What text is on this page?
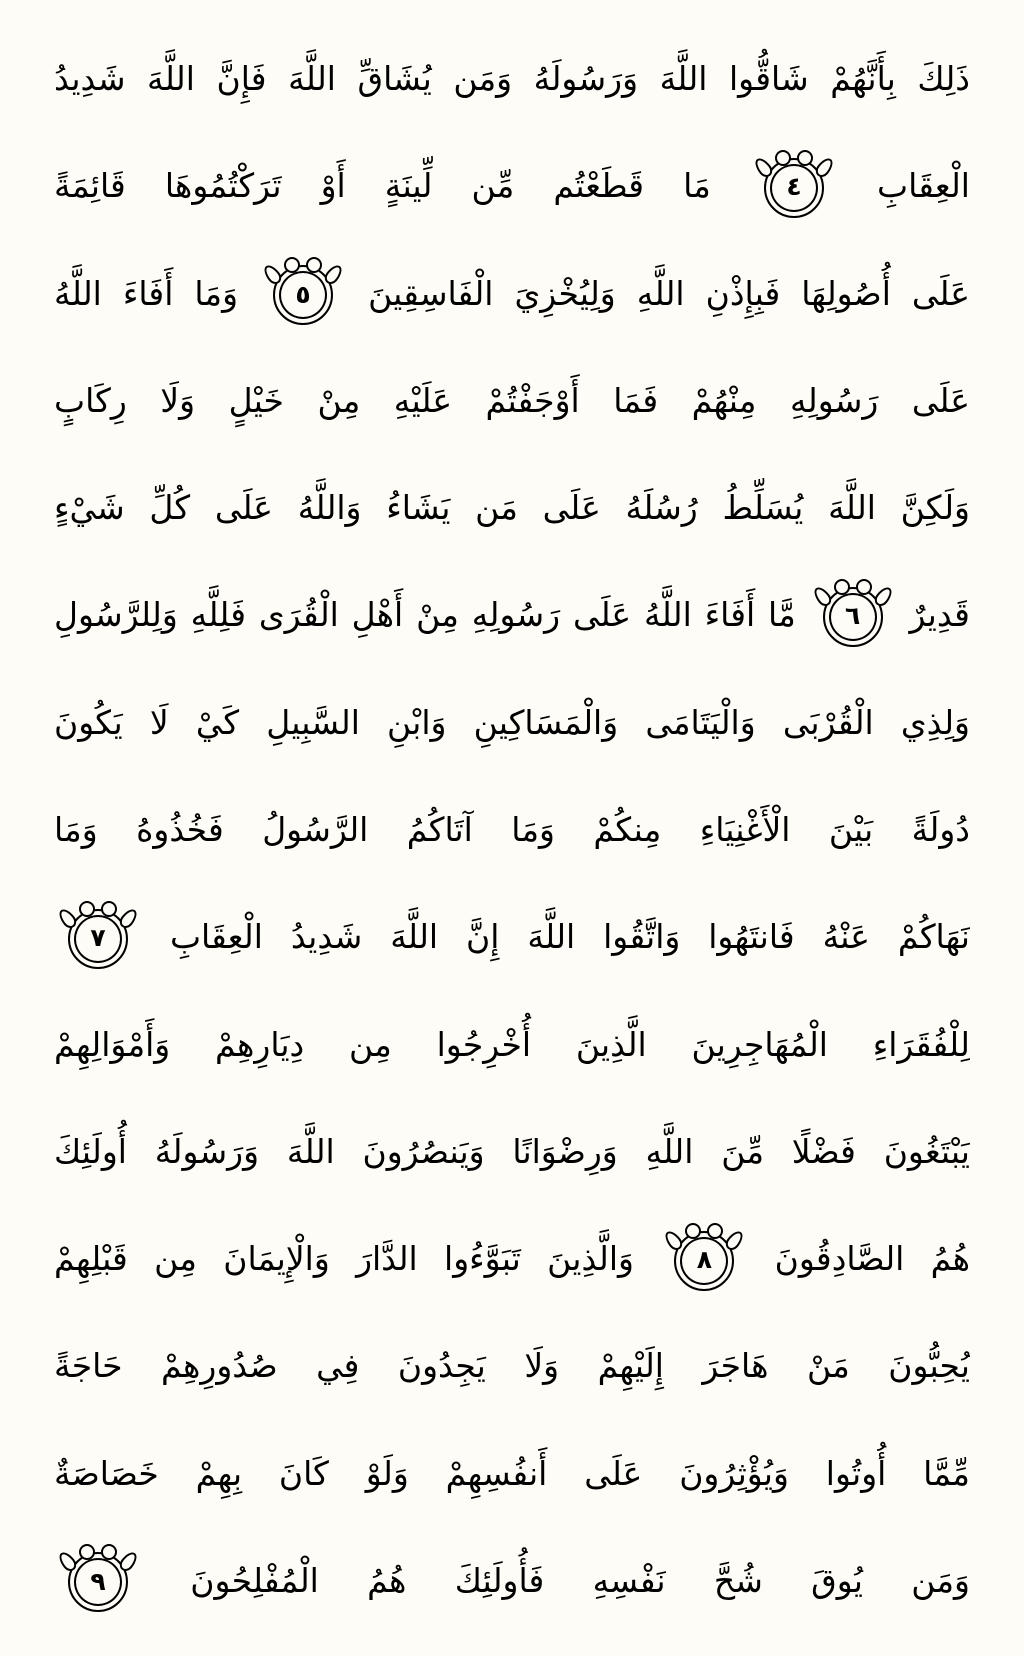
ذَلِكَ بِأَنَّهُمْ شَاقُّوا اللَّهَ وَرَسُولَهُ وَمَن يُشَاقِّ اللَّهَ فَإِنَّ اللَّهَ شَدِيدُ
الْعِقَابِ
٤
مَا قَطَعْتُم مِّن لِّينَةٍ أَوْ تَرَكْتُمُوهَا قَائِمَةً
عَلَى أُصُولِهَا فَبِإِذْنِ اللَّهِ وَلِيُخْزِيَ الْفَاسِقِينَ
٥
وَمَا أَفَاءَ اللَّهُ
عَلَى رَسُولِهِ مِنْهُمْ فَمَا أَوْجَفْتُمْ عَلَيْهِ مِنْ خَيْلٍ وَلَا رِكَابٍ
وَلَكِنَّ اللَّهَ يُسَلِّطُ رُسُلَهُ عَلَى مَن يَشَاءُ وَاللَّهُ عَلَى كُلِّ شَيْءٍ
قَدِيرٌ
٦
مَّا أَفَاءَ اللَّهُ عَلَى رَسُولِهِ مِنْ أَهْلِ الْقُرَى فَلِلَّهِ وَلِلرَّسُولِ
وَلِذِي الْقُرْبَى وَالْيَتَامَى وَالْمَسَاكِينِ وَابْنِ السَّبِيلِ كَيْ لَا يَكُونَ
دُولَةً بَيْنَ الْأَغْنِيَاءِ مِنكُمْ وَمَا آتَاكُمُ الرَّسُولُ فَخُذُوهُ وَمَا
نَهَاكُمْ عَنْهُ فَانتَهُوا وَاتَّقُوا اللَّهَ إِنَّ اللَّهَ شَدِيدُ الْعِقَابِ
٧

لِلْفُقَرَاءِ الْمُهَاجِرِينَ الَّذِينَ أُخْرِجُوا مِن دِيَارِهِمْ وَأَمْوَالِهِمْ
يَبْتَغُونَ فَضْلًا مِّنَ اللَّهِ وَرِضْوَانًا وَيَنصُرُونَ اللَّهَ وَرَسُولَهُ أُولَئِكَ
هُمُ الصَّادِقُونَ
٨
وَالَّذِينَ تَبَوَّءُوا الدَّارَ وَالْإِيمَانَ مِن قَبْلِهِمْ
يُحِبُّونَ مَنْ هَاجَرَ إِلَيْهِمْ وَلَا يَجِدُونَ فِي صُدُورِهِمْ حَاجَةً
مِّمَّا أُوتُوا وَيُؤْثِرُونَ عَلَى أَنفُسِهِمْ وَلَوْ كَانَ بِهِمْ خَصَاصَةٌ
وَمَن يُوقَ شُحَّ نَفْسِهِ فَأُولَئِكَ هُمُ الْمُفْلِحُونَ
٩
